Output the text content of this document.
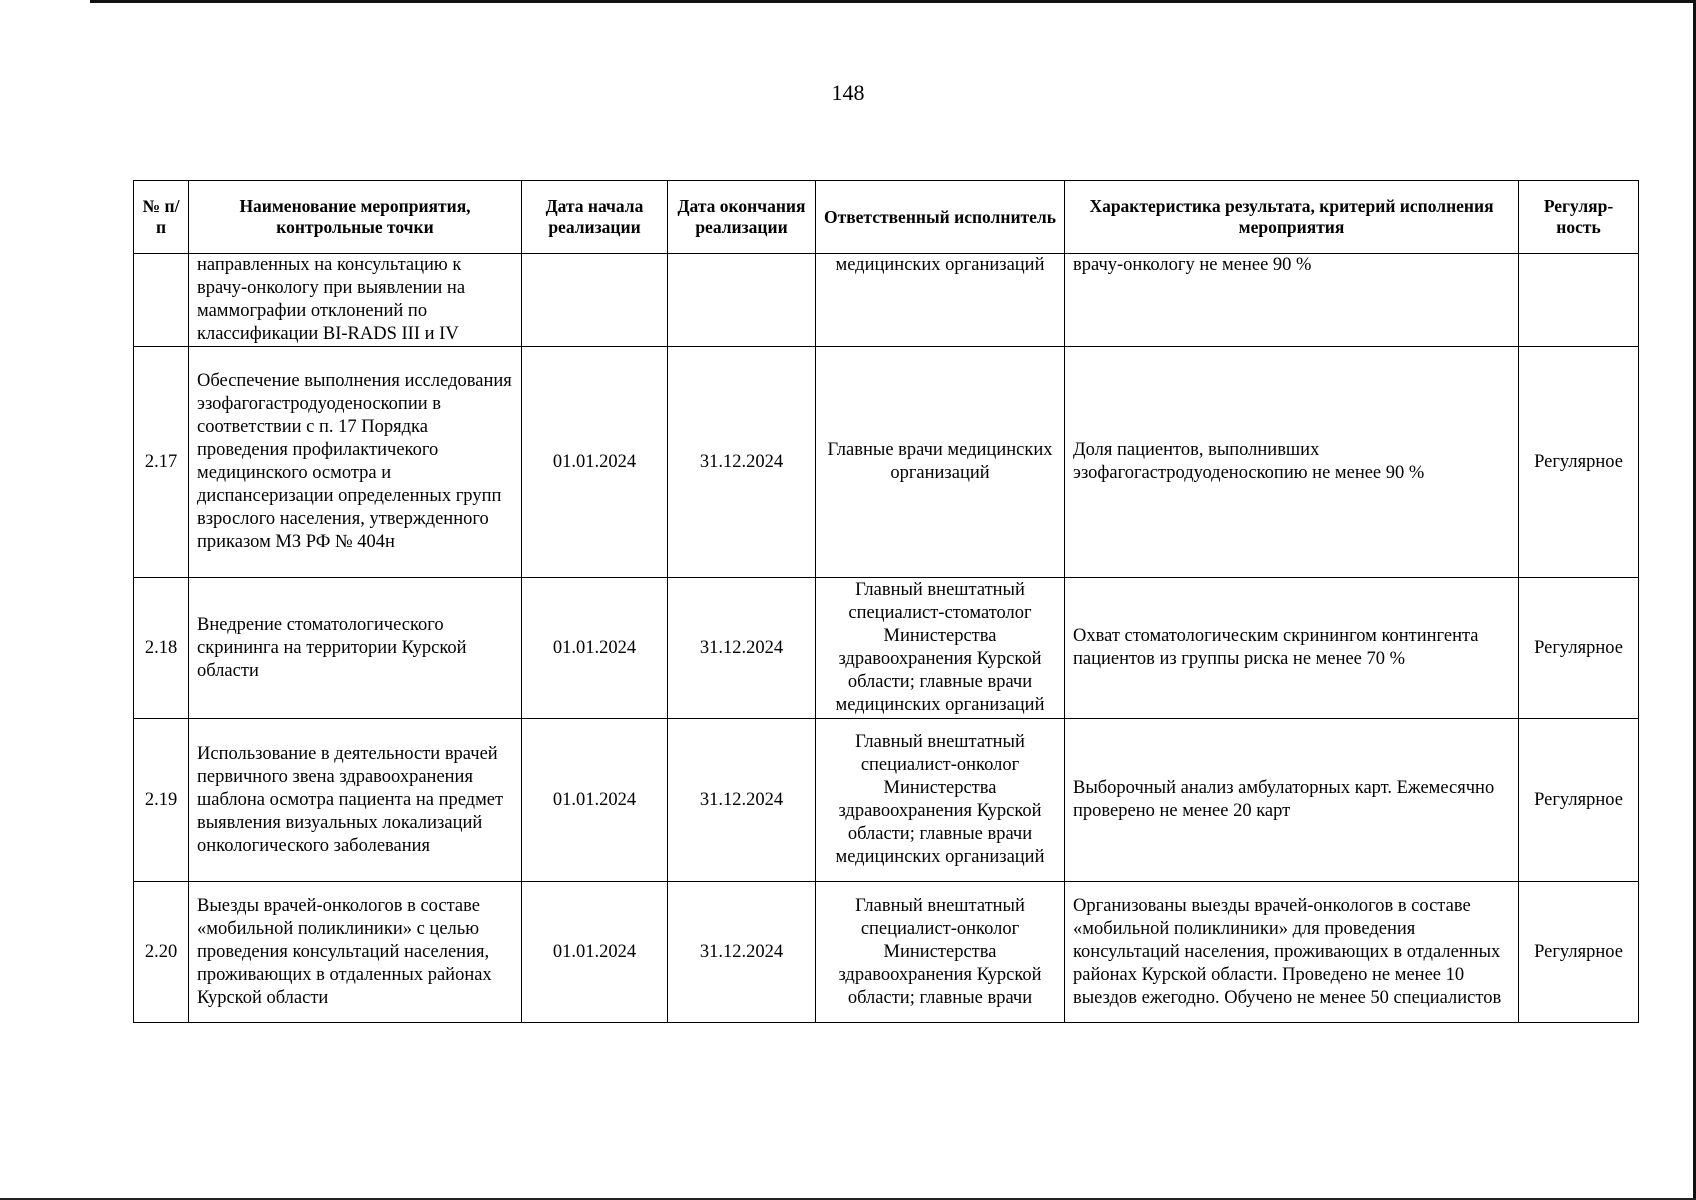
148
№ п/п	Наименование мероприятия, контрольные точки	Дата начала реализации	Дата окончания реализации	Ответственный исполнитель	Характеристика результата, критерий исполнения мероприятия	Регуляр-ность
	направленных на консультацию к врачу-онкологу при выявлении на маммографии отклонений по классификации BI-RADS III и IV			медицинских организаций	врачу-онкологу не менее 90 %	
2.17	Обеспечение выполнения исследования эзофагогастродуоденоскопии в соответствии с п. 17 Порядка проведения профилактичекого медицинского осмотра и диспансеризации определенных групп взрослого населения, утвержденного приказом МЗ РФ № 404н	01.01.2024	31.12.2024	Главные врачи медицинских организаций	Доля пациентов, выполнивших эзофагогастродуоденоскопию не менее 90 %	Регулярное
2.18	Внедрение стоматологического скрининга на территории Курской области	01.01.2024	31.12.2024	Главный внештатный специалист-стоматолог Министерства здравоохранения Курской области; главные врачи медицинских организаций	Охват стоматологическим скринингом контингента пациентов из группы риска не менее 70 %	Регулярное
2.19	Использование в деятельности врачей первичного звена здравоохранения шаблона осмотра пациента на предмет выявления визуальных локализаций онкологического заболевания	01.01.2024	31.12.2024	Главный внештатный специалист-онколог Министерства здравоохранения Курской области; главные врачи медицинских организаций	Выборочный анализ амбулаторных карт. Ежемесячно проверено не менее 20 карт	Регулярное
2.20	Выезды врачей-онкологов в составе «мобильной поликлиники» с целью проведения консультаций населения, проживающих в отдаленных районах Курской области	01.01.2024	31.12.2024	Главный внештатный специалист-онколог Министерства здравоохранения Курской области; главные врачи	Организованы выезды врачей-онкологов в составе «мобильной поликлиники» для проведения консультаций населения, проживающих в отдаленных районах Курской области. Проведено не менее 10 выездов ежегодно. Обучено не менее 50 специалистов	Регулярное
